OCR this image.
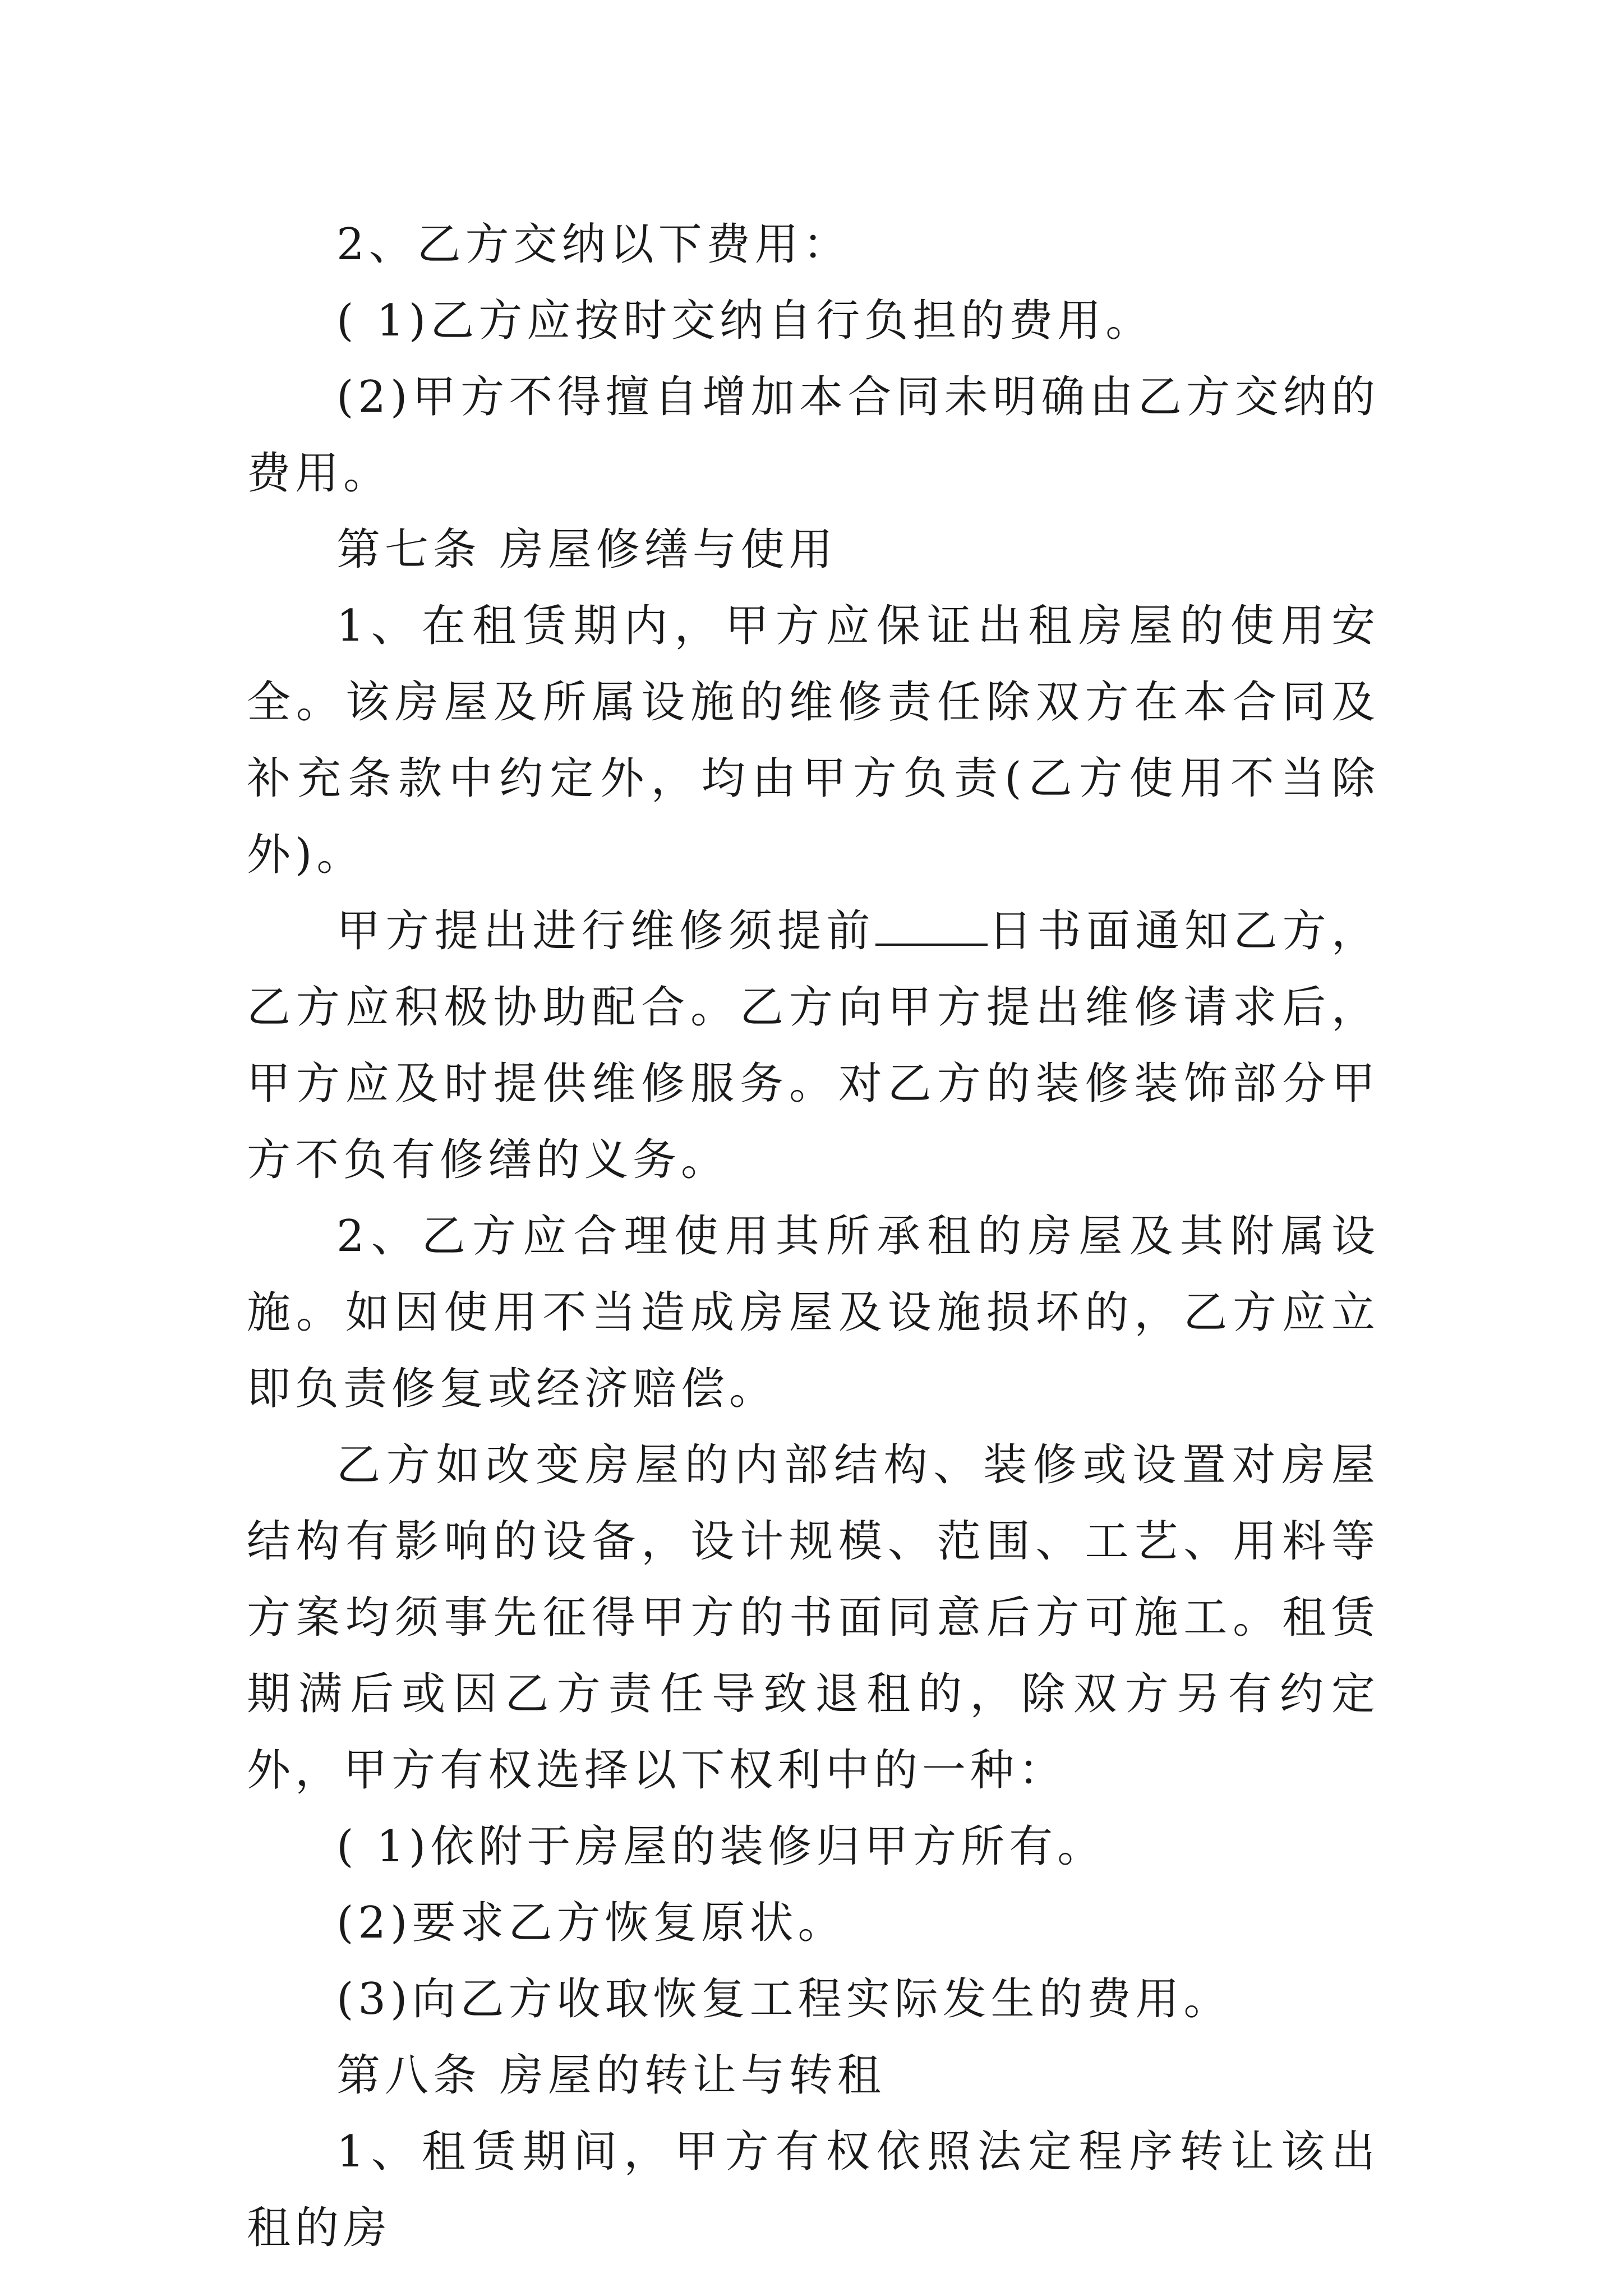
2、乙方交纳以下费用：

( 1)乙方应按时交纳自行负担的费用。

(2)甲方不得擅自增加本合同未明确由乙方交纳的费用。

第七条 房屋修缮与使用

1、在租赁期内，甲方应保证出租房屋的使用安全。该房屋及所属设施的维修责任除双方在本合同及补充条款中约定外，均由甲方负责(乙方使用不当除外)。

甲方提出进行维修须提前	日书面通知乙方，乙方应积极协助配合。乙方向甲方提出维修请求后，甲方应及时提供维修服务。对乙方的装修装饰部分甲方不负有修缮的义务。

2、乙方应合理使用其所承租的房屋及其附属设施。如因使用不当造成房屋及设施损坏的，乙方应立即负责修复或经济赔偿。

乙方如改变房屋的内部结构、装修或设置对房屋结构有影响的设备，设计规模、范围、工艺、用料等方案均须事先征得甲方的书面同意后方可施工。租赁期满后或因乙方责任导致退租的，除双方另有约定外，甲方有权选择以下权利中的一种：

( 1)依附于房屋的装修归甲方所有。

(2)要求乙方恢复原状。

(3)向乙方收取恢复工程实际发生的费用。

第八条 房屋的转让与转租

1、租赁期间，甲方有权依照法定程序转让该出租的房
